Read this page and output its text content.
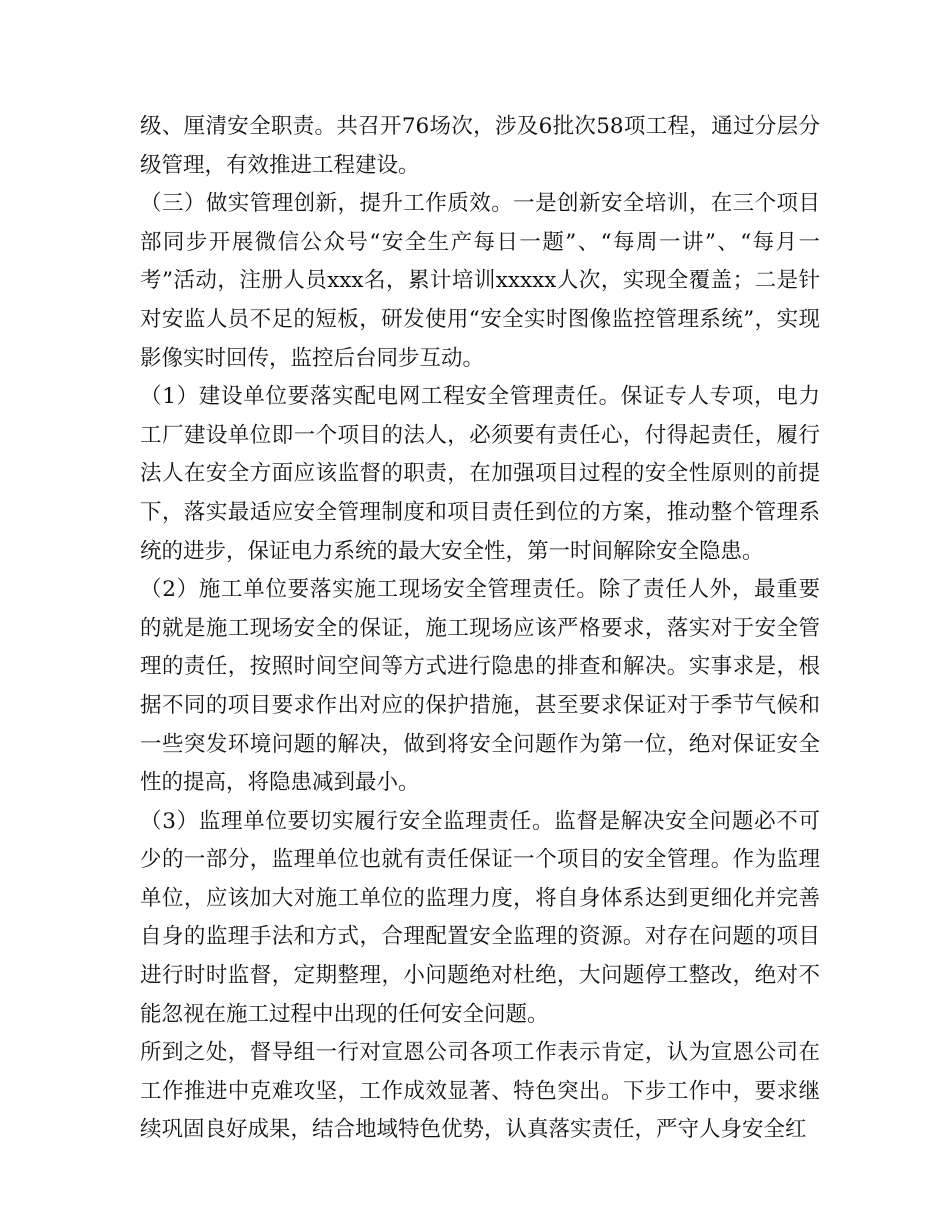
级、厘清安全职责。共召开76场次，涉及6批次58项工程，通过分层分级管理，有效推进工程建设。

（三）做实管理创新，提升工作质效。一是创新安全培训，在三个项目部同步开展微信公众号“安全生产每日一题”、“每周一讲”、“每月一考”活动，注册人员xxx名，累计培训xxxxx人次，实现全覆盖；二是针对安监人员不足的短板，研发使用“安全实时图像监控管理系统”，实现影像实时回传，监控后台同步互动。

（1）建设单位要落实配电网工程安全管理责任。保证专人专项，电力工厂建设单位即一个项目的法人，必须要有责任心，付得起责任，履行法人在安全方面应该监督的职责，在加强项目过程的安全性原则的前提下，落实最适应安全管理制度和项目责任到位的方案，推动整个管理系统的进步，保证电力系统的最大安全性，第一时间解除安全隐患。

（2）施工单位要落实施工现场安全管理责任。除了责任人外，最重要的就是施工现场安全的保证，施工现场应该严格要求，落实对于安全管理的责任，按照时间空间等方式进行隐患的排查和解决。实事求是，根据不同的项目要求作出对应的保护措施，甚至要求保证对于季节气候和一些突发环境问题的解决，做到将安全问题作为第一位，绝对保证安全性的提高，将隐患减到最小。

（3）监理单位要切实履行安全监理责任。监督是解决安全问题必不可少的一部分，监理单位也就有责任保证一个项目的安全管理。作为监理单位，应该加大对施工单位的监理力度，将自身体系达到更细化并完善自身的监理手法和方式，合理配置安全监理的资源。对存在问题的项目进行时时监督，定期整理，小问题绝对杜绝，大问题停工整改，绝对不能忽视在施工过程中出现的任何安全问题。

所到之处，督导组一行对宣恩公司各项工作表示肯定，认为宣恩公司在工作推进中克难攻坚，工作成效显著、特色突出。下步工作中，要求继续巩固良好成果，结合地域特色优势，认真落实责任，严守人身安全红
